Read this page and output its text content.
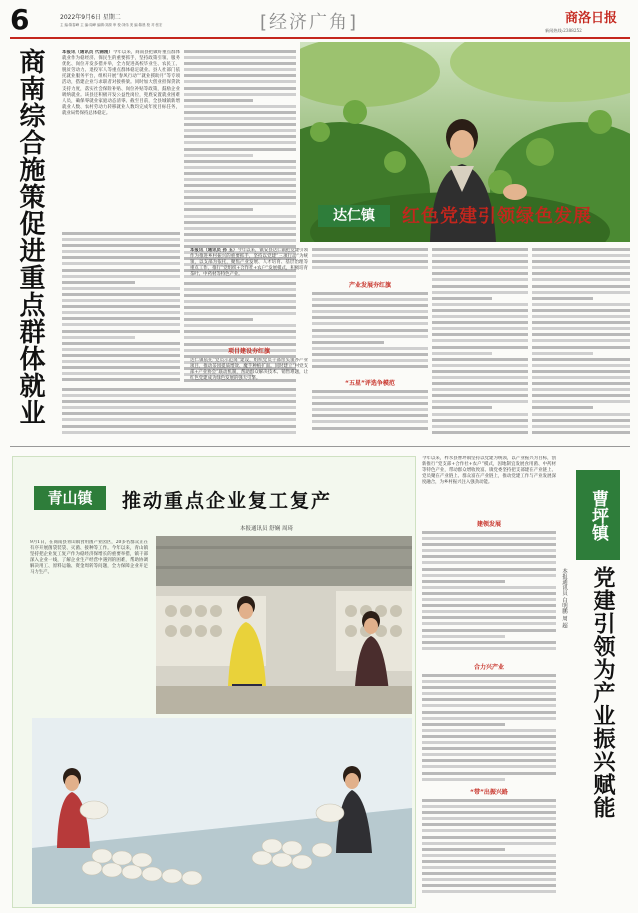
6	2022年9月6日 星期二
主 编:陈春峰 主 编:周峰 编辑:刘源 审 校:刘伟 美 编:陈晨 校 对:张宏	[经济广角]	商洛日报
新闻热线:2388252
商南综合施策促进重点群体就业	本报讯（通讯员 代锦刚）今年以来，商南县把做好重点群体就业作为稳经济、保民生的重要抓手，坚持政策引领、服务优化、岗位开发多措并举，全力促进高校毕业生、农民工、脱贫劳动力、退役军人等重点群体稳定就业。县人社部门依托就业服务平台，组织开展“春风行动”“就业援助月”等专项活动，搭建企业与求职者对接桥梁。同时加大创业担保贷款支持力度，落实社会保险补贴、岗位补贴等政策，鼓励企业吸纳就业。该县还积极开发公益性岗位，兜底安置就业困难人员，确保零就业家庭动态清零。截至目前，全县城镇新增就业人数、农村劳动力转移就业人数均完成年度目标任务，就业局势保持总体稳定。
达仁镇	红色党建引领绿色发展
本报讯（通讯员 孙 玉）今年以来，镇安县达仁镇把党建引领作为推进乡村振兴的重要抓手，坚持以党建“三项行动”为统领，以支部为依托，聚焦产业发展、人才培育、基层治理等重点工作，推行“党组织+合作社+农户”发展模式，积极培育茶叶、中药材等特色产业。
项目建设夯红旗
达仁镇依托“党员示范岗”建设，组织党员干部带头领办产业项目，推动茶园提质增效、魔芋种植扩面。同时建立“村党支部+产业协会”联动机制，帮助群众解决技术、销售难题，让红色党建成为绿色发展的强大引擎。
产业发展夯红旗
“五星”评选争模范
青山镇	推动重点企业复工复产
本报通讯员 舒娴 周琦
9月1日，在商南县青山镇食用菌产业园区，20多名群众正在有序开展菌袋装袋、灭菌、接种等工作。今年以来，青山镇坚持把企业复工复产作为稳经济保增长的重要举措，镇干部深入企业一线，了解企业生产经营中遇到的困难，帮助协调解决用工、原料运输、资金周转等问题，全力保障企业开足马力生产。
今年以来，柞水县曹坪镇坚持以党建为统领，以产业振兴为目标，创新推行“党支部+合作社+农户”模式，因地制宜发展食用菌、中药材等特色产业，带动群众增收致富。镇党委坚持把支部建在产业链上、党员聚在产业链上、群众富在产业链上，推动党建工作与产业发展深度融合，为乡村振兴注入强劲动能。
建领发展
合力兴产业
“带”出振兴路
曹坪镇
党建引领为产业振兴赋能
本报通讯员 白明鹏 周 超
